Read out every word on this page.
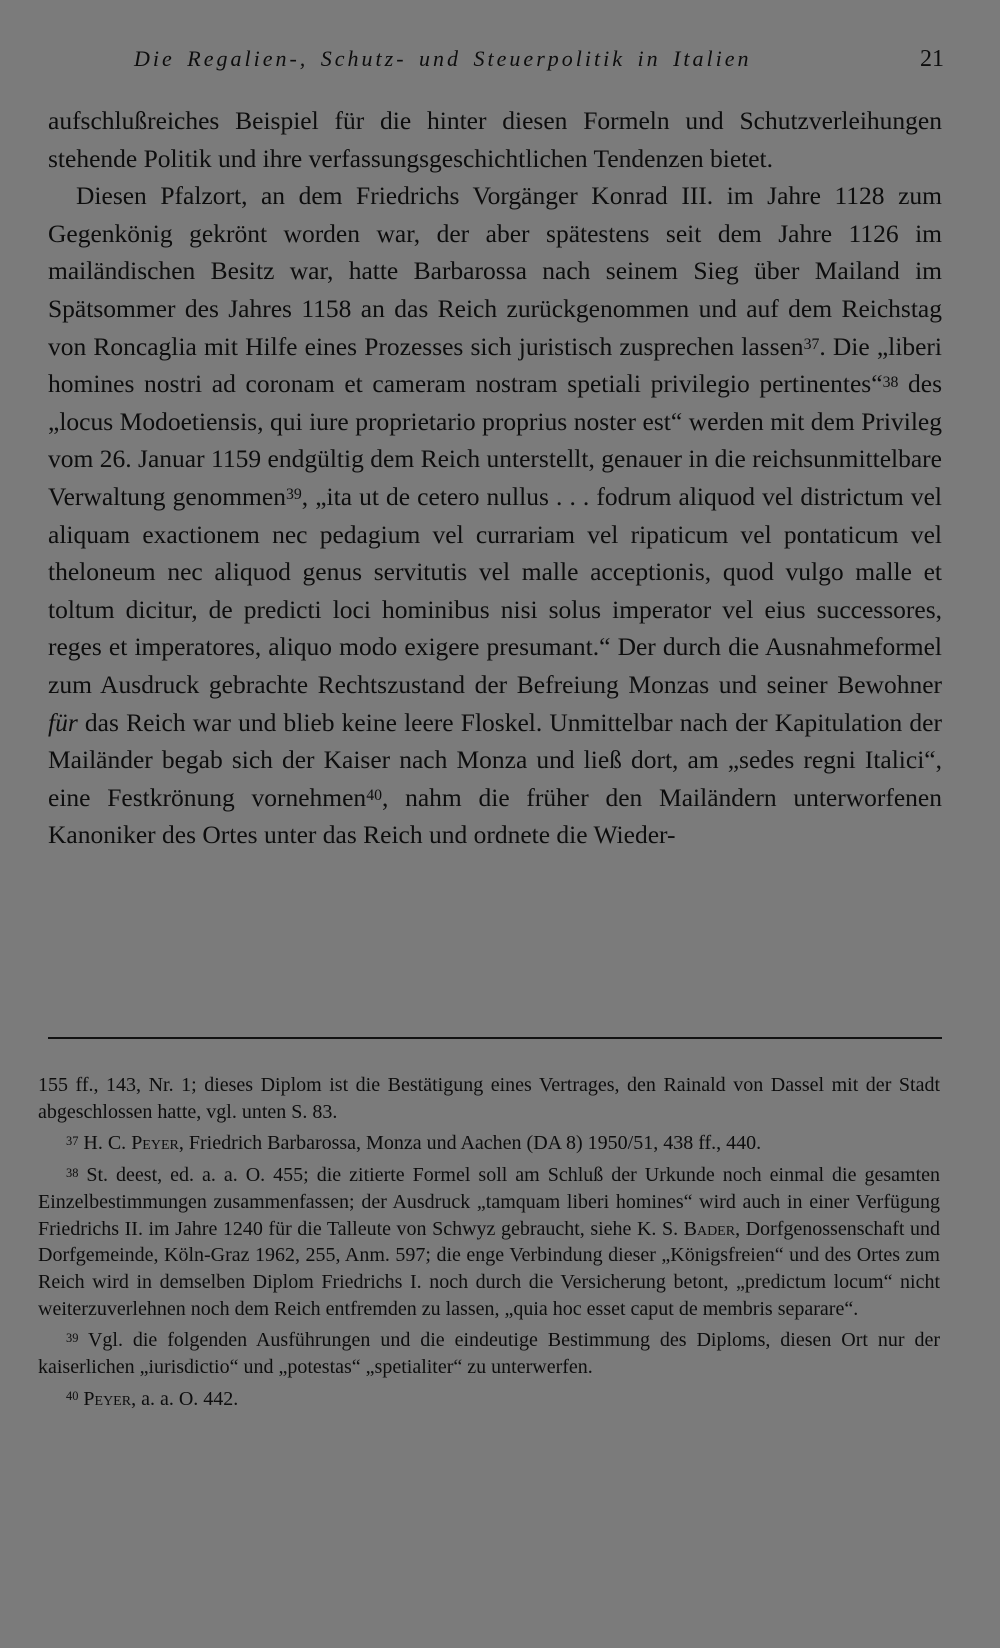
Die Regalien-, Schutz- und Steuerpolitik in Italien	21

aufschlußreiches Beispiel für die hinter diesen Formeln und Schutzverleihungen stehende Politik und ihre verfassungsgeschichtlichen Tendenzen bietet.

Diesen Pfalzort, an dem Friedrichs Vorgänger Konrad III. im Jahre 1128 zum Gegenkönig gekrönt worden war, der aber spätestens seit dem Jahre 1126 im mailändischen Besitz war, hatte Barbarossa nach seinem Sieg über Mailand im Spätsommer des Jahres 1158 an das Reich zurückgenommen und auf dem Reichstag von Roncaglia mit Hilfe eines Prozesses sich juristisch zusprechen lassen$^{37}$. Die „liberi homines nostri ad coronam et cameram nostram spetiali privilegio pertinentes“$^{38}$ des „locus Modoetiensis, qui iure proprietario proprius noster est“ werden mit dem Privileg vom 26. Januar 1159 endgültig dem Reich unterstellt, genauer in die reichsunmittelbare Verwaltung genommen$^{39}$, „ita ut de cetero nullus . . . fodrum aliquod vel districtum vel aliquam exactionem nec pedagium vel currariam vel ripaticum vel pontaticum vel theloneum nec aliquod genus servitutis vel malle acceptionis, quod vulgo malle et toltum dicitur, de predicti loci hominibus nisi solus imperator vel eius successores, reges et imperatores, aliquo modo exigere presumant.“ Der durch die Ausnahmeformel zum Ausdruck gebrachte Rechtszustand der Befreiung Monzas und seiner Bewohner für das Reich war und blieb keine leere Floskel. Unmittelbar nach der Kapitulation der Mailänder begab sich der Kaiser nach Monza und ließ dort, am „sedes regni Italici“, eine Festkrönung vornehmen$^{40}$, nahm die früher den Mailändern unterworfenen Kanoniker des Ortes unter das Reich und ordnete die Wieder-

155 ff., 143, Nr. 1; dieses Diplom ist die Bestätigung eines Vertrages, den Rainald von Dassel mit der Stadt abgeschlossen hatte, vgl. unten S. 83.

$^{37}$ H. C. Peyer, Friedrich Barbarossa, Monza und Aachen (DA 8) 1950/51, 438 ff., 440.

$^{38}$ St. deest, ed. a. a. O. 455; die zitierte Formel soll am Schluß der Urkunde noch einmal die gesamten Einzelbestimmungen zusammenfassen; der Ausdruck „tamquam liberi homines“ wird auch in einer Verfügung Friedrichs II. im Jahre 1240 für die Talleute von Schwyz gebraucht, siehe K. S. Bader, Dorfgenossenschaft und Dorfgemeinde, Köln-Graz 1962, 255, Anm. 597; die enge Verbindung dieser „Königsfreien“ und des Ortes zum Reich wird in demselben Diplom Friedrichs I. noch durch die Versicherung betont, „predictum locum“ nicht weiterzuverlehnen noch dem Reich entfremden zu lassen, „quia hoc esset caput de membris separare“.

$^{39}$ Vgl. die folgenden Ausführungen und die eindeutige Bestimmung des Diploms, diesen Ort nur der kaiserlichen „iurisdictio“ und „potestas“ „spetialiter“ zu unterwerfen.

$^{40}$ Peyer, a. a. O. 442.
